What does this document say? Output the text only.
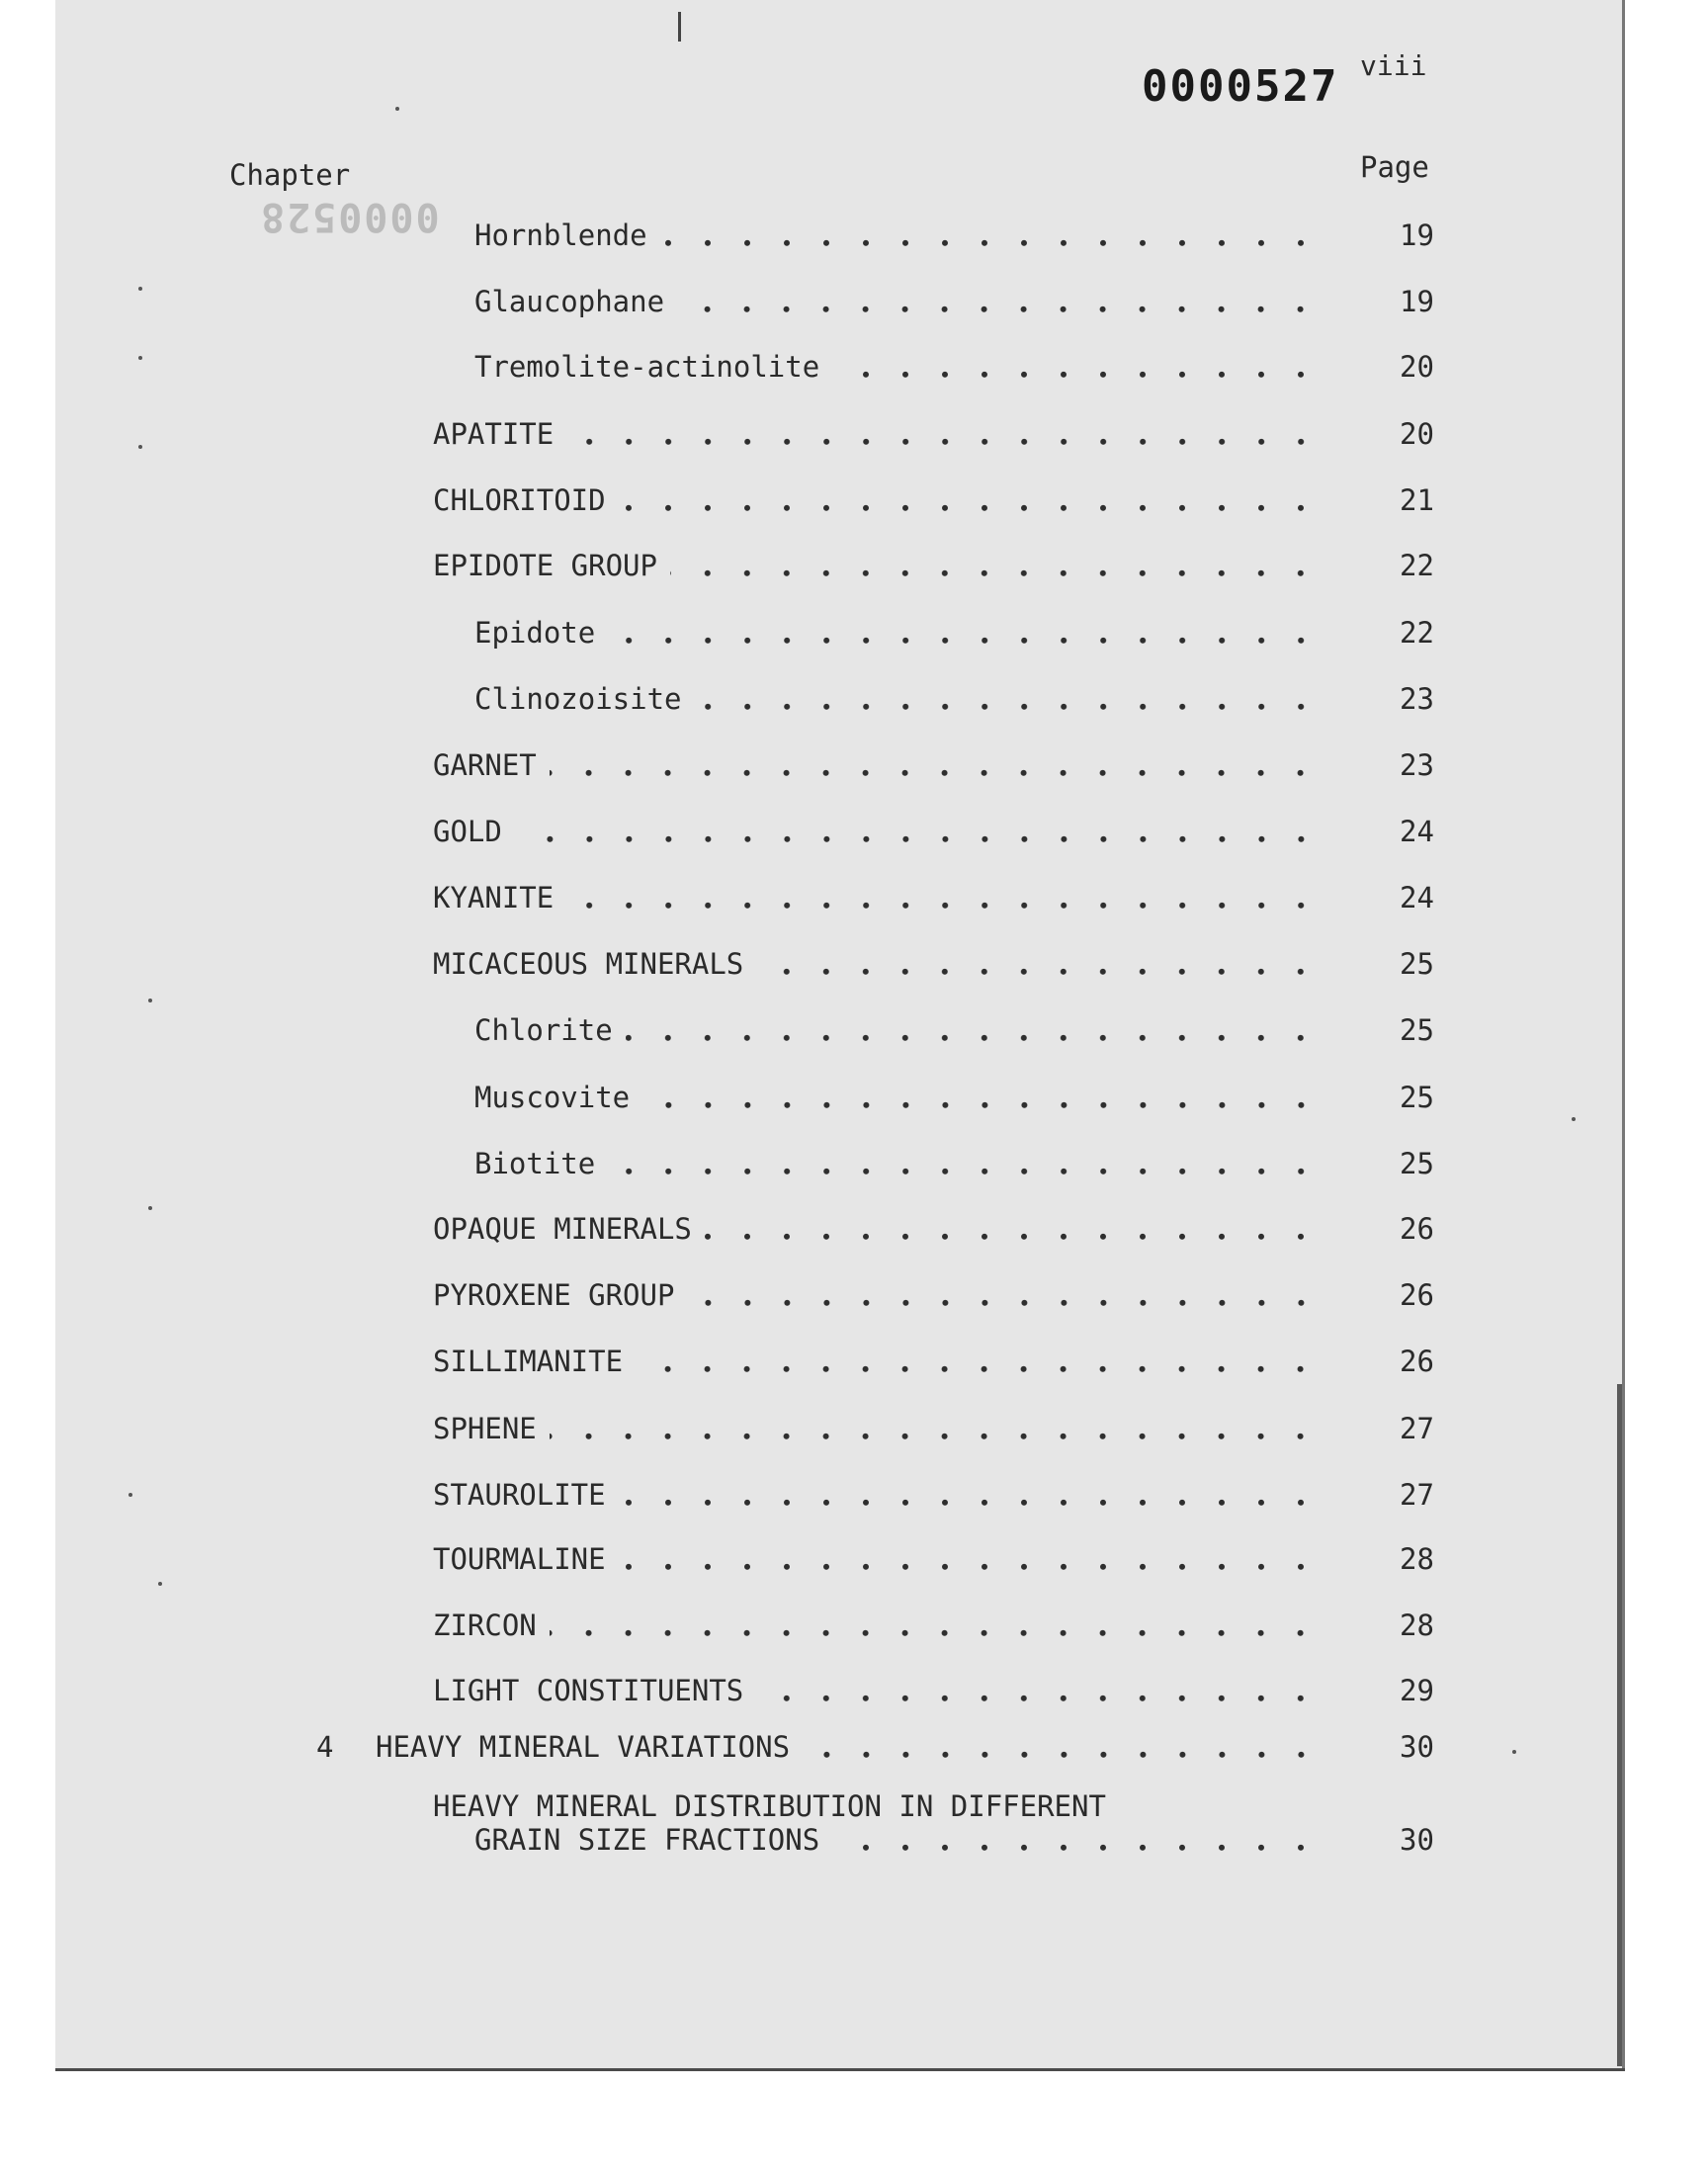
0000527
0000528
viii
Chapter	Page
Hornblende	19
Glaucophane	19
Tremolite-actinolite	20
APATITE	20
CHLORITOID	21
EPIDOTE GROUP	22
Epidote	22
Clinozoisite	23
GARNET	23
GOLD	24
KYANITE	24
MICACEOUS MINERALS	25
Chlorite	25
Muscovite	25
Biotite	25
OPAQUE MINERALS	26
PYROXENE GROUP	26
SILLIMANITE	26
SPHENE	27
STAUROLITE	27
TOURMALINE	28
ZIRCON	28
LIGHT CONSTITUENTS	29
4 HEAVY MINERAL VARIATIONS	30
HEAVY MINERAL DISTRIBUTION IN DIFFERENT
GRAIN SIZE FRACTIONS	30
